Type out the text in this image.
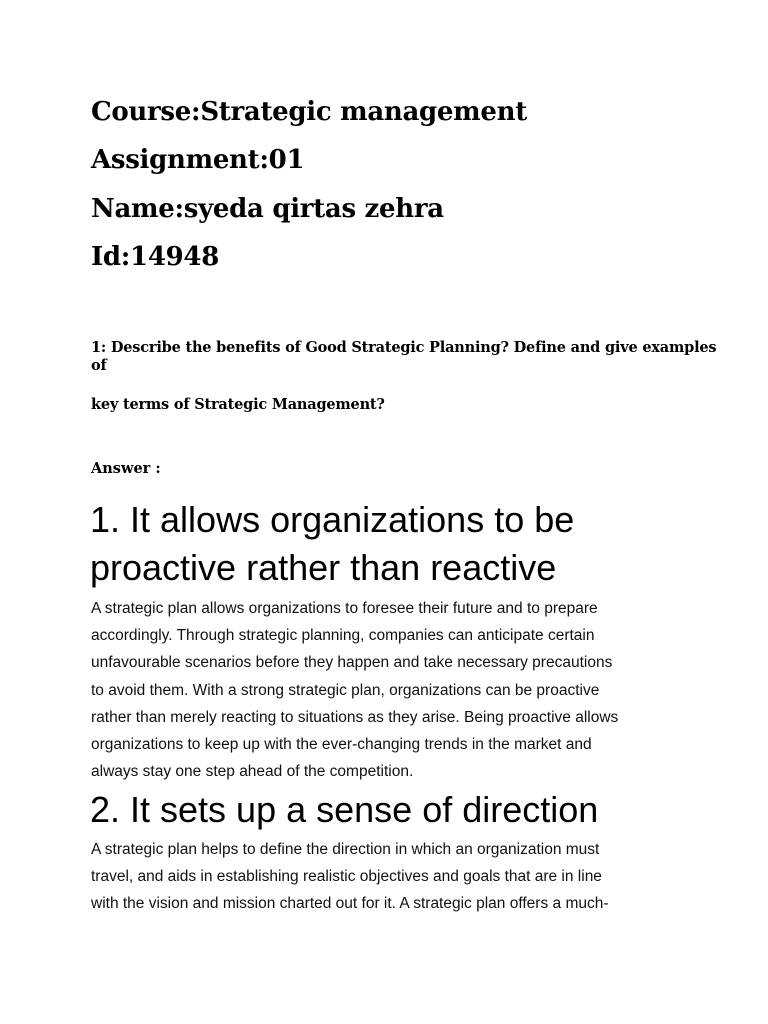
Course:Strategic management
Assignment:01
Name:syeda qirtas zehra
Id:14948
1: Describe the benefits of Good Strategic Planning? Define and give examples
of
key terms of Strategic Management?
Answer :
1. It allows organizations to be
proactive rather than reactive
A strategic plan allows organizations to foresee their future and to prepare
accordingly. Through strategic planning, companies can anticipate certain
unfavourable scenarios before they happen and take necessary precautions
to avoid them. With a strong strategic plan, organizations can be proactive
rather than merely reacting to situations as they arise. Being proactive allows
organizations to keep up with the ever-changing trends in the market and
always stay one step ahead of the competition.
2. It sets up a sense of direction
A strategic plan helps to define the direction in which an organization must
travel, and aids in establishing realistic objectives and goals that are in line
with the vision and mission charted out for it. A strategic plan offers a much-
